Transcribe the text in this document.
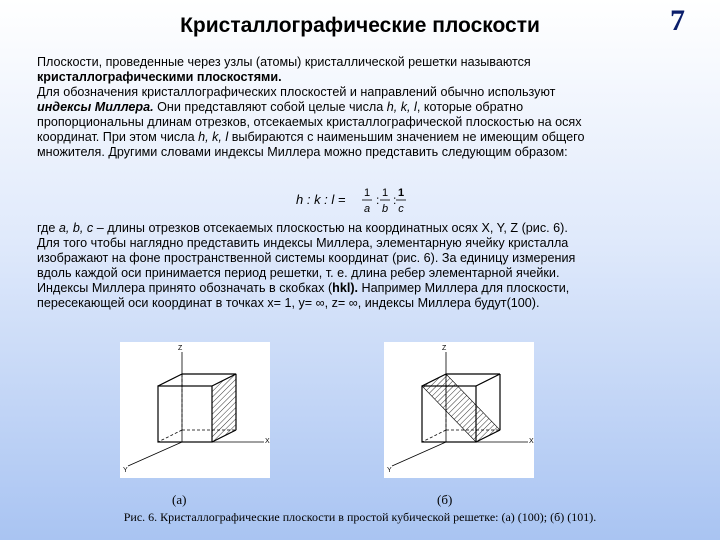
Кристаллографические плоскости	7

Плоскости, проведенные через узлы (атомы) кристаллической решетки называются

кристаллографическими плоскостями.

Для обозначения кристаллографических плоскостей и направлений обычно используют

индексы Миллера. Они представляют собой целые числа h, k, l, которые обратно

пропорциональны длинам отрезков, отсекаемых кристаллографической плоскостью на осях

координат. При этом числа h, k, l выбираются с наименьшим значением не имеющим общего

множителя. Другими словами индексы Миллера можно представить следующим образом:

h : k : l = 1
a
: 1
b
: 1
c

где a, b, c – длины отрезков отсекаемых плоскостью на координатных осях X, Y, Z (рис. 6).

Для того чтобы наглядно представить индексы Миллера, элементарную ячейку кристалла

изображают на фоне пространственной системы координат (рис. 6). За единицу измерения

вдоль каждой оси принимается период решетки, т. е. длина ребер элементарной ячейки.

Индексы Миллера принято обозначать в скобках (hkl). Например Миллера для плоскости,

пересекающей оси координат в точках x= 1, y= ∞, z= ∞, индексы Миллера будут(100).

Z
X
Y
Z
X
Y
(а)	(б)
Рис. 6. Кристаллографические плоскости в простой кубической решетке: (а) (100); (б) (101).
